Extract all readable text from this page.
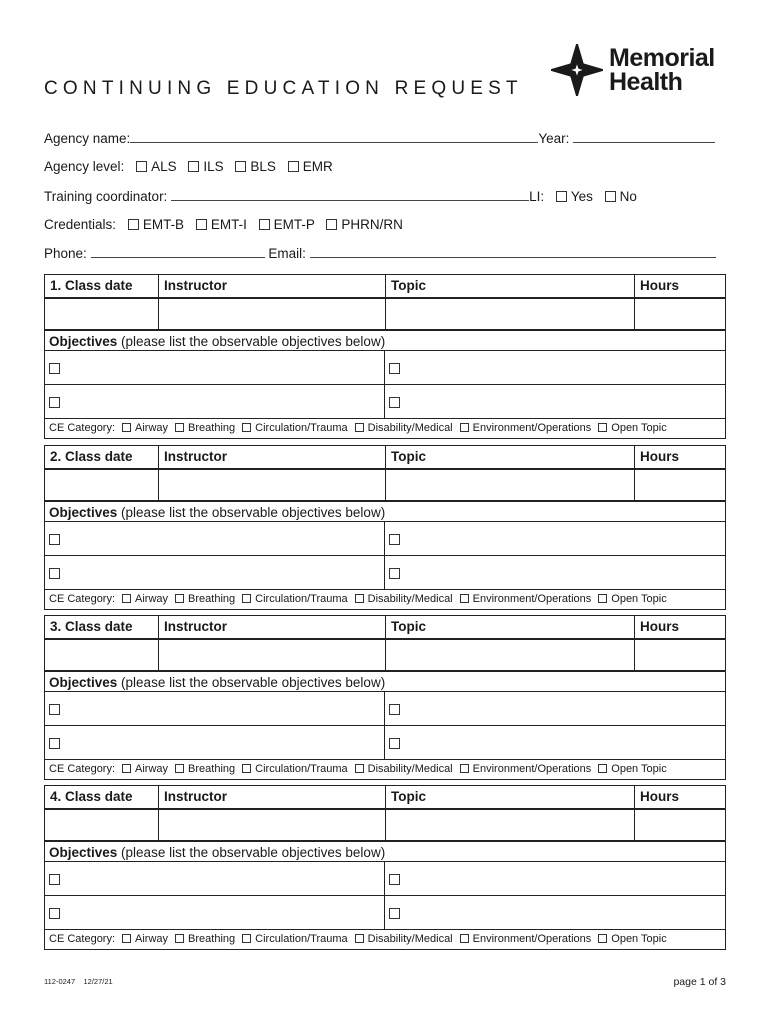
CONTINUING EDUCATION REQUEST
Memorial
Health
Agency name:	Year:
Agency level: ALS ILS BLS EMR
Training coordinator:	LI: Yes No
Credentials: EMT-B EMT-I EMT-P PHRN/RN
Phone:	Email:
1. Class date	Instructor	Topic	Hours
Objectives (please list the observable objectives below)
CE Category: Airway Breathing Circulation/Trauma Disability/Medical Environment/Operations Open Topic
2. Class date	Instructor	Topic	Hours
Objectives (please list the observable objectives below)
CE Category: Airway Breathing Circulation/Trauma Disability/Medical Environment/Operations Open Topic
3. Class date	Instructor	Topic	Hours
Objectives (please list the observable objectives below)
CE Category: Airway Breathing Circulation/Trauma Disability/Medical Environment/Operations Open Topic
4. Class date	Instructor	Topic	Hours
Objectives (please list the observable objectives below)
CE Category: Airway Breathing Circulation/Trauma Disability/Medical Environment/Operations Open Topic
112-0247 12/27/21	page 1 of 3
